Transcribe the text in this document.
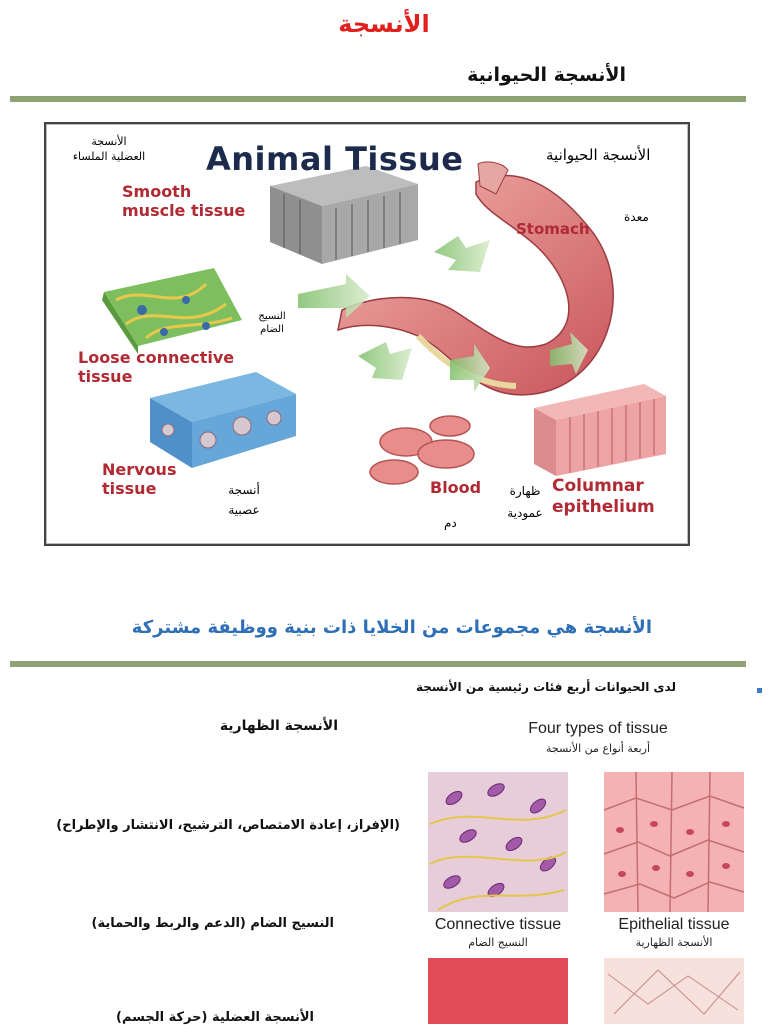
الأنسجة
الأنسجة الحيوانية
Animal Tissue	الأنسجة الحيوانية
الأنسجة
العضلية الملساء
Smooth
muscle tissue
Stomach
معدة
النسيج
الضام
Loose connective
tissue
Nervous
tissue	أنسجة
عصبية
Blood
دم
ظهارة
عمودية
Columnar
epithelium
الأنسجة هي مجموعات من الخلايا ذات بنية ووظيفة مشتركة
لدى الحيوانات أربع فئات رئيسية من الأنسجة
الأنسجة الظهارية
(الإفراز، إعادة الامتصاص، الترشيح، الانتشار والإطراح)
النسيج الضام (الدعم والربط والحماية)
الأنسجة العضلية (حركة الجسم)
Four types of tissue
أربعة أنواع من الأنسجة
Connective tissue
النسيج الضام
Epithelial tissue
الأنسجة الظهارية
